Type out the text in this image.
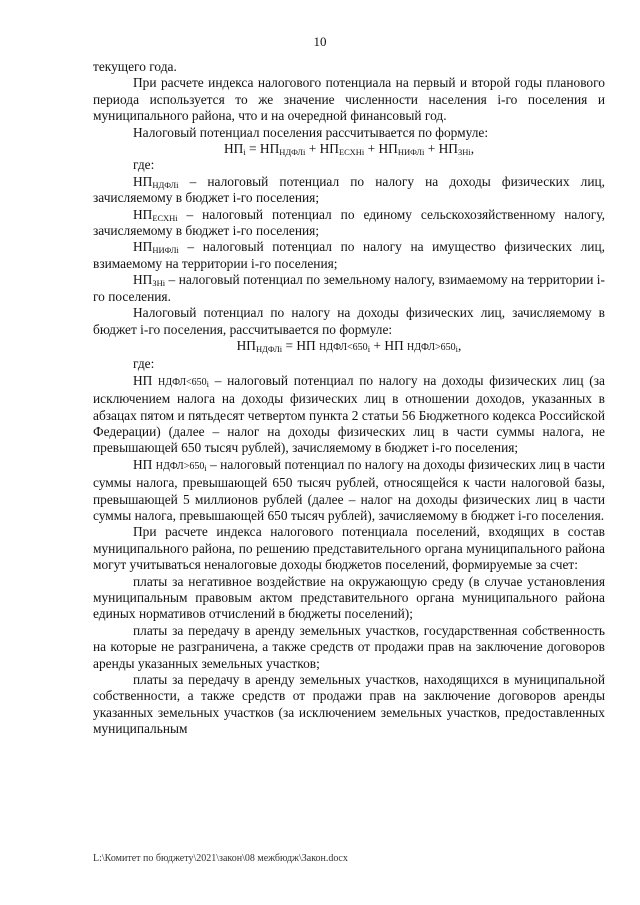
10

текущего года.

При расчете индекса налогового потенциала на первый и второй годы планового периода используется то же значение численности населения i-го поселения и муниципального района, что и на очередной финансовый год.

Налоговый потенциал поселения рассчитывается по формуле:

$НП_i = НП_{НДФЛi} + НП_{ЕСХНi} + НП_{НИФЛi} + НП_{ЗНi}$,

где:

$НП_{НДФЛi}$ – налоговый потенциал по налогу на доходы физических лиц, зачисляемому в бюджет i-го поселения;

$НП_{ЕСХНi}$ – налоговый потенциал по единому сельскохозяйственному налогу, зачисляемому в бюджет i-го поселения;

$НП_{НИФЛi}$ – налоговый потенциал по налогу на имущество физических лиц, взимаемому на территории i-го поселения;

$НП_{ЗНi}$ – налоговый потенциал по земельному налогу, взимаемому на территории i-го поселения.

Налоговый потенциал по налогу на доходы физических лиц, зачисляемому в бюджет i-го поселения, рассчитывается по формуле:

$НП_{НДФЛi}$ = НП $НДФЛ<650_i$ + НП $НДФЛ>650_i$,

где:

НП $НДФЛ<650_i$ – налоговый потенциал по налогу на доходы физических лиц (за исключением налога на доходы физических лиц в отношении доходов, указанных в абзацах пятом и пятьдесят четвертом пункта 2 статьи 56 Бюджетного кодекса Российской Федерации) (далее – налог на доходы физических лиц в части суммы налога, не превышающей 650 тысяч рублей), зачисляемому в бюджет i-го поселения;

НП $НДФЛ>650_i$ – налоговый потенциал по налогу на доходы физических лиц в части суммы налога, превышающей 650 тысяч рублей, относящейся к части налоговой базы, превышающей 5 миллионов рублей (далее – налог на доходы физических лиц в части суммы налога, превышающей 650 тысяч рублей), зачисляемому в бюджет i-го поселения.

При расчете индекса налогового потенциала поселений, входящих в состав муниципального района, по решению представительного органа муниципального района могут учитываться неналоговые доходы бюджетов поселений, формируемые за счет:

платы за негативное воздействие на окружающую среду (в случае установления муниципальным правовым актом представительного органа муниципального района единых нормативов отчислений в бюджеты поселений);

платы за передачу в аренду земельных участков, государственная собственность на которые не разграничена, а также средств от продажи прав на заключение договоров аренды указанных земельных участков;

платы за передачу в аренду земельных участков, находящихся в муниципальной собственности, а также средств от продажи прав на заключение договоров аренды указанных земельных участков (за исключением земельных участков, предоставленных муниципальным

L:\Комитет по бюджету\2021\закон\08 межбюдж\Закон.docx
